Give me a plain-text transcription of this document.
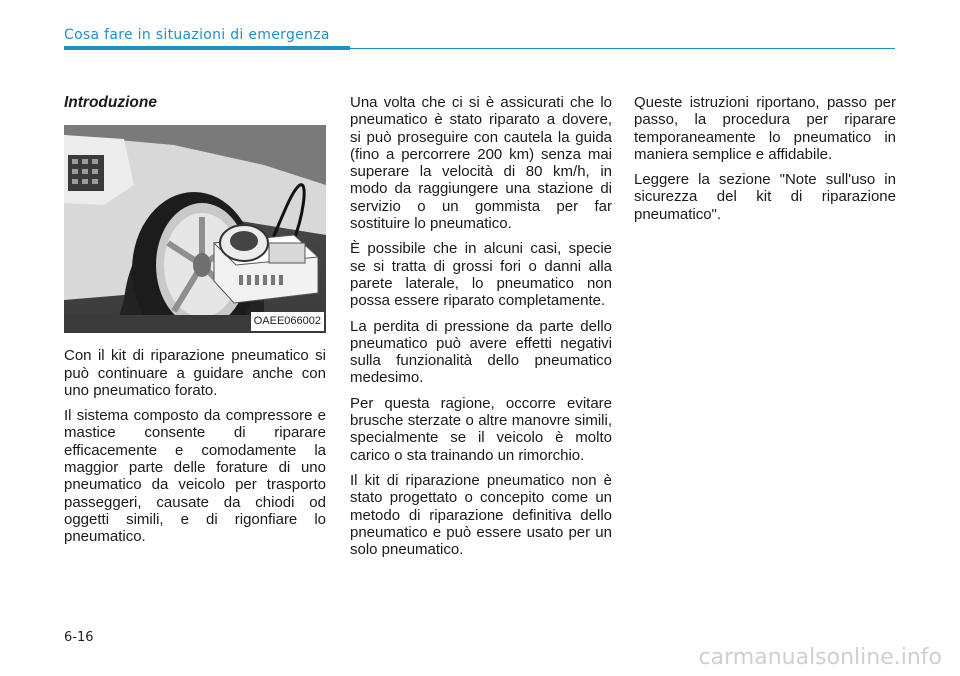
Cosa fare in situazioni di emergenza
Introduzione
OAEE066002

Con il kit di riparazione pneumatico si può continuare a guidare anche con uno pneumatico forato.

Il sistema composto da compressore e mastice consente di riparare efficacemente e comodamente la maggior parte delle forature di uno pneumatico da veicolo per trasporto passeggeri, causate da chiodi od oggetti simili, e di rigonfiare lo pneumatico.

Una volta che ci si è assicurati che lo pneumatico è stato riparato a dovere, si può proseguire con cautela la guida (fino a percorrere 200 km) senza mai superare la velocità di 80 km/h, in modo da raggiungere una stazione di servizio o un gommista per far sostituire lo pneumatico.

È possibile che in alcuni casi, specie se si tratta di grossi fori o danni alla parete laterale, lo pneumatico non possa essere riparato completamente.

La perdita di pressione da parte dello pneumatico può avere effetti negativi sulla funzionalità dello pneumatico medesimo.

Per questa ragione, occorre evitare brusche sterzate o altre manovre simili, specialmente se il veicolo è molto carico o sta trainando un rimorchio.

Il kit di riparazione pneumatico non è stato progettato o concepito come un metodo di riparazione definitiva dello pneumatico e può essere usato per un solo pneumatico.

Queste istruzioni riportano, passo per passo, la procedura per riparare temporaneamente lo pneumatico in maniera semplice e affidabile.

Leggere la sezione "Note sull'uso in sicurezza del kit di riparazione pneumatico".

6-16
carmanualsonline.info
